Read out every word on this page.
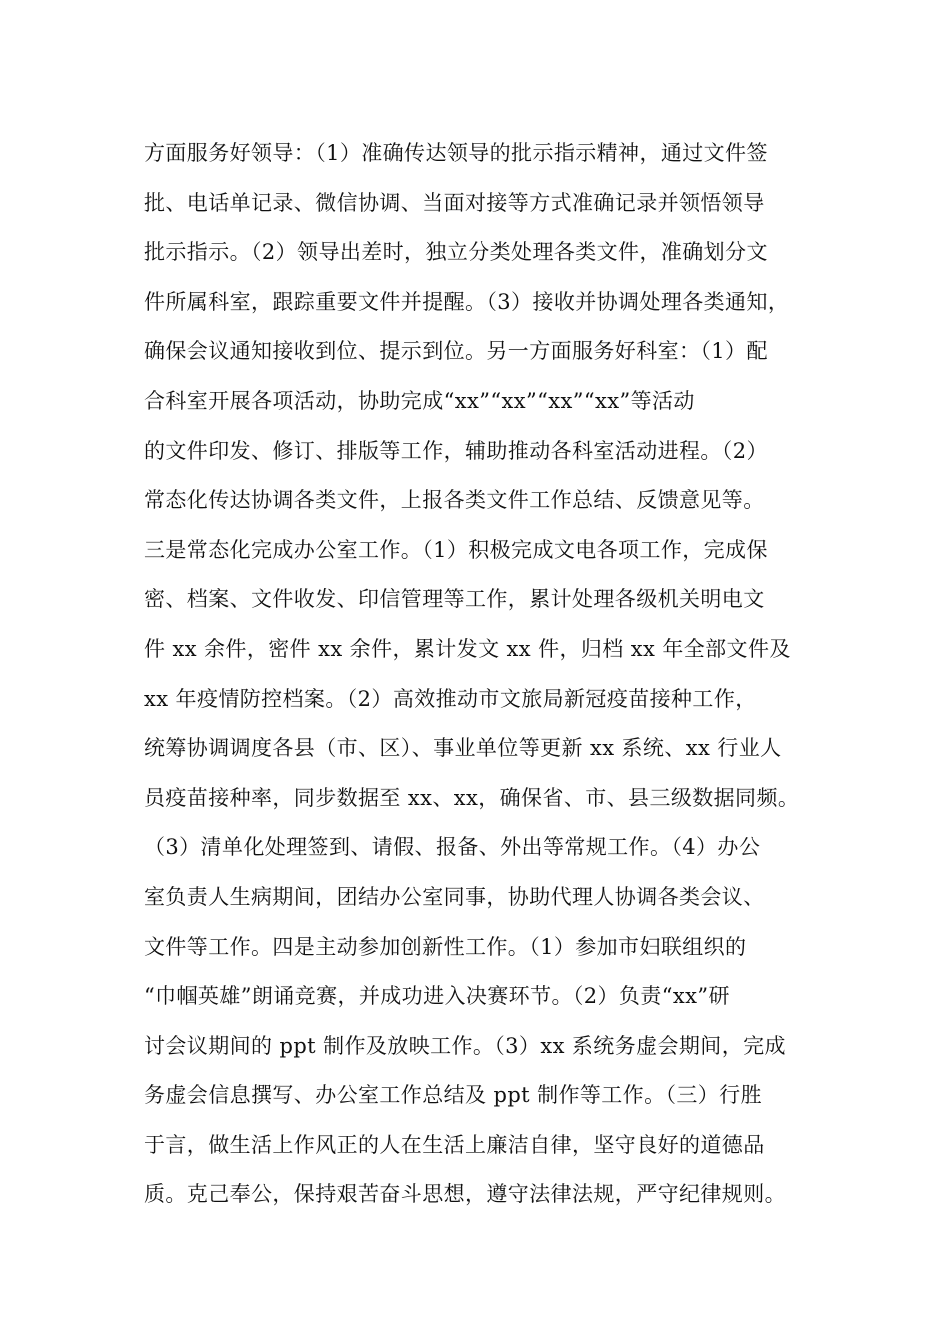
方面服务好领导：（1）准确传达领导的批示指示精神，通过文件签
批、电话单记录、微信协调、当面对接等方式准确记录并领悟领导
批示指示。（2）领导出差时，独立分类处理各类文件，准确划分文
件所属科室，跟踪重要文件并提醒。（3）接收并协调处理各类通知，
确保会议通知接收到位、提示到位。另一方面服务好科室：（1）配
合科室开展各项活动，协助完成“xx”“xx”“xx”“xx”等活动
的文件印发、修订、排版等工作，辅助推动各科室活动进程。（2）
常态化传达协调各类文件，上报各类文件工作总结、反馈意见等。
三是常态化完成办公室工作。（1）积极完成文电各项工作，完成保
密、档案、文件收发、印信管理等工作，累计处理各级机关明电文
件 xx 余件，密件 xx 余件，累计发文 xx 件，归档 xx 年全部文件及
xx 年疫情防控档案。（2）高效推动市文旅局新冠疫苗接种工作，
统筹协调调度各县（市、区）、事业单位等更新 xx 系统、xx 行业人
员疫苗接种率，同步数据至 xx、xx，确保省、市、县三级数据同频。
（3）清单化处理签到、请假、报备、外出等常规工作。（4）办公
室负责人生病期间，团结办公室同事，协助代理人协调各类会议、
文件等工作。四是主动参加创新性工作。（1）参加市妇联组织的
“巾帼英雄”朗诵竞赛，并成功进入决赛环节。（2）负责“xx”研
讨会议期间的 ppt 制作及放映工作。（3）xx 系统务虚会期间，完成
务虚会信息撰写、办公室工作总结及 ppt 制作等工作。（三）行胜
于言，做生活上作风正的人在生活上廉洁自律，坚守良好的道德品
质。克己奉公，保持艰苦奋斗思想，遵守法律法规，严守纪律规则。
